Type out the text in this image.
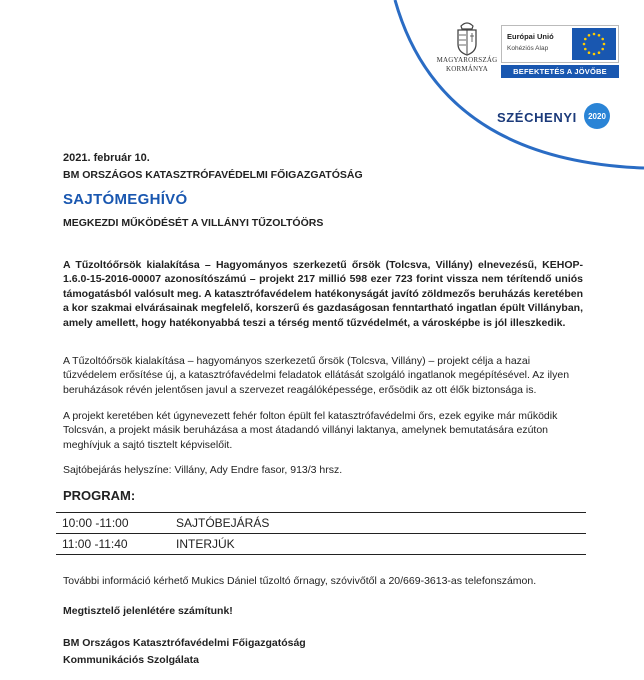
MAGYARORSZÁG
KORMÁNYA
Európai Unió
Kohéziós Alap
BEFEKTETÉS A JÖVŐBE
SZÉCHENYI 2020
2021. február 10.
BM ORSZÁGOS KATASZTRÓFAVÉDELMI FŐIGAZGATÓSÁG
SAJTÓMEGHÍVÓ
MEGKEZDI MŰKÖDÉSÉT A VILLÁNYI TŰZOLTÓÖRS

A Tűzoltóőrsök kialakítása – Hagyományos szerkezetű őrsök (Tolcsva, Villány) elnevezésű, KEHOP-1.6.0-15-2016-00007 azonosítószámú – projekt 217 millió 598 ezer 723 forint vissza nem térítendő uniós támogatásból valósult meg. A katasztrófavédelem hatékonyságát javító zöldmezős beruházás keretében a kor szakmai elvárásainak megfelelő, korszerű és gazdaságosan fenntartható ingatlan épült Villányban, amely amellett, hogy hatékonyabbá teszi a térség mentő tűzvédelmét, a városképbe is jól illeszkedik.

A Tűzoltóőrsök kialakítása – hagyományos szerkezetű őrsök (Tolcsva, Villány) – projekt célja a hazai tűzvédelem erősítése új, a katasztrófavédelmi feladatok ellátását szolgáló ingatlanok megépítésével. Az ilyen beruházások révén jelentősen javul a szervezet reagálóképessége, erősödik az ott élők biztonsága is.

A projekt keretében két úgynevezett fehér folton épült fel katasztrófavédelmi őrs, ezek egyike már működik Tolcsván, a projekt másik beruházása a most átadandó villányi laktanya, amelynek bemutatására ezúton meghívjuk a sajtó tisztelt képviselőit.

Sajtóbejárás helyszíne: Villány, Ady Endre fasor, 913/3 hrsz.

PROGRAM:
10:00 -11:00	SAJTÓBEJÁRÁS
11:00 -11:40	INTERJÚK
További információ kérhető Mukics Dániel tűzoltó őrnagy, szóvivőtől a 20/669-3613-as telefonszámon.
Megtisztelő jelenlétére számítunk!
BM Országos Katasztrófavédelmi Főigazgatóság
Kommunikációs Szolgálata
